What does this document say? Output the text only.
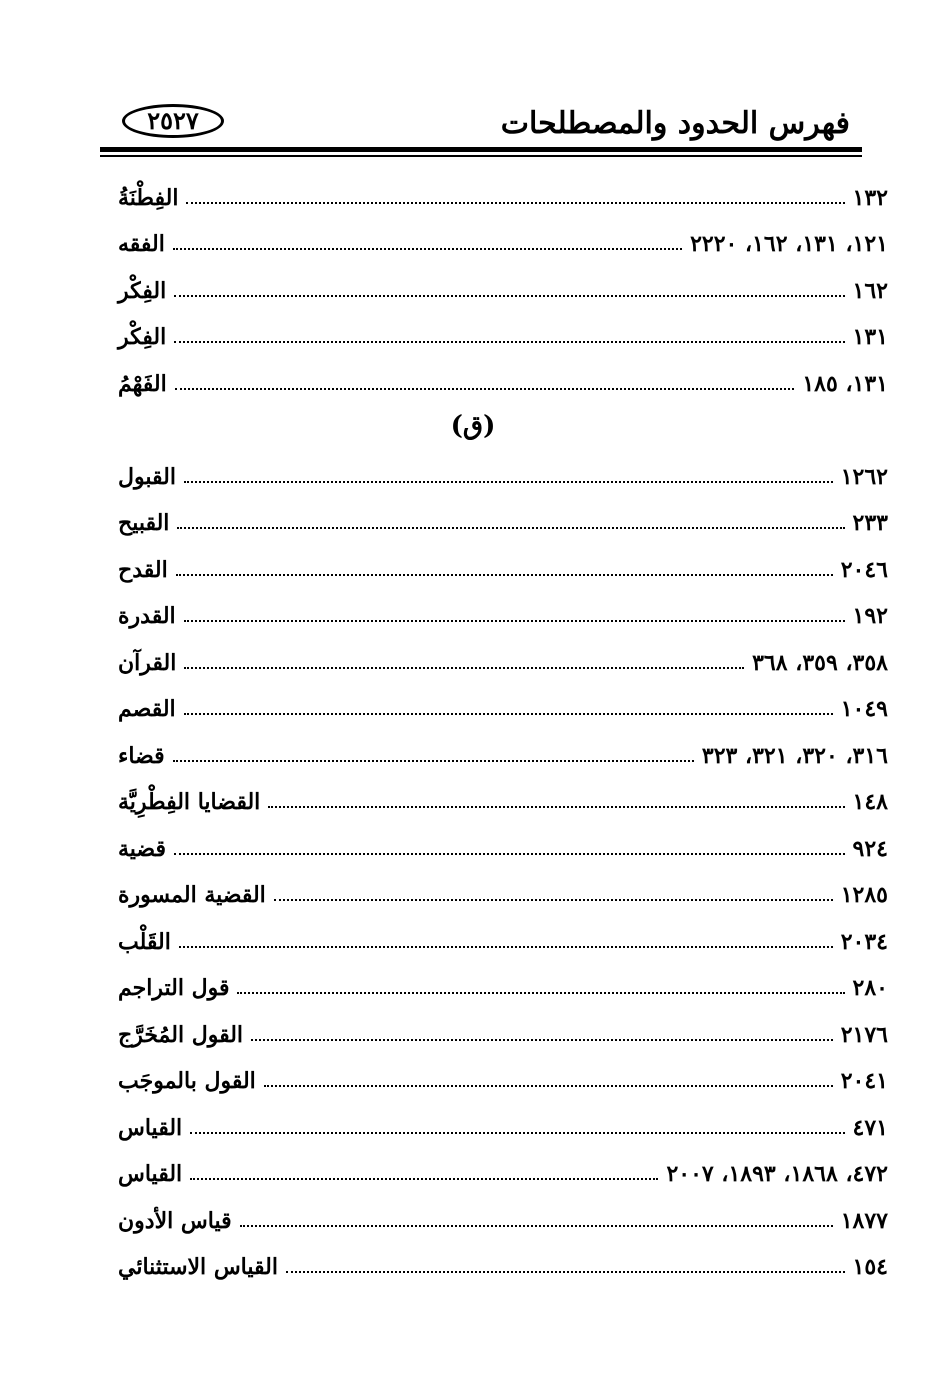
٢٥٢٧	فهرس الحدود والمصطلحات
الفِطْنَةُ	١٣٢
الفقه	١٢١، ١٣١، ١٦٢، ٢٢٢٠
الفِكْر	١٦٢
الفِكْر	١٣١
الفَهْمُ	١٣١، ١٨٥
(ق)
القبول	١٢٦٢
القبيح	٢٣٣
القدح	٢٠٤٦
القدرة	١٩٢
القرآن	٣٥٨، ٣٥٩، ٣٦٨
القصم	١٠٤٩
قضاء	٣١٦، ٣٢٠، ٣٢١، ٣٢٣
القضايا الفِطْرِيَّة	١٤٨
قضية	٩٢٤
القضية المسورة	١٢٨٥
القَلْب	٢٠٣٤
قول التراجم	٢٨٠
القول المُخَرَّج	٢١٧٦
القول بالموجَب	٢٠٤١
القياس	٤٧١
القياس	٤٧٢، ١٨٦٨، ١٨٩٣، ٢٠٠٧
قياس الأدون	١٨٧٧
القياس الاستثنائي	١٥٤
